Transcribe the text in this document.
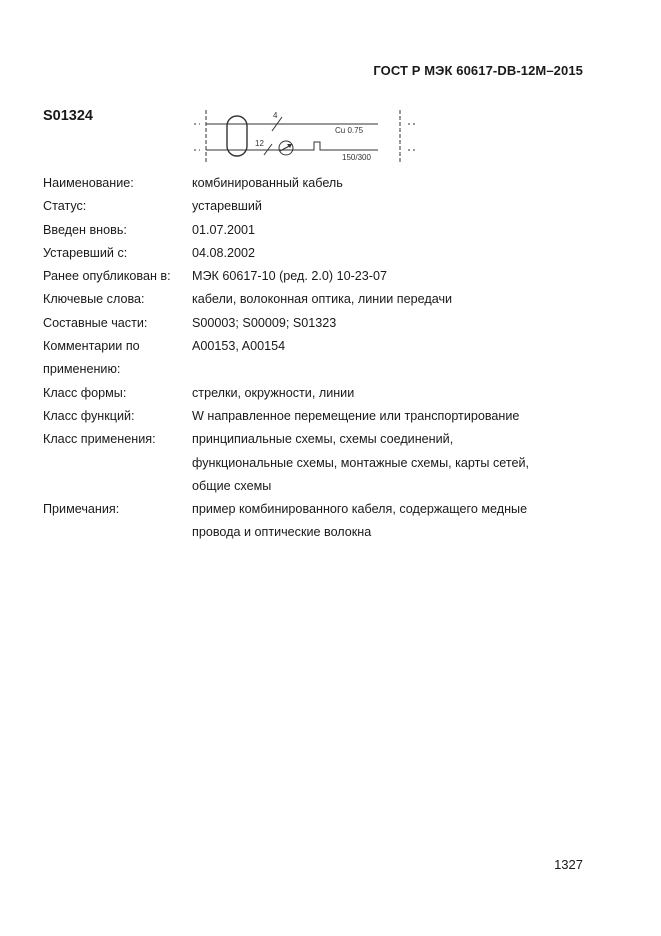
ГОСТ Р МЭК 60617-DB-12M–2015
S01324	4
12
Cu 0.75
150/300
Наименование:	комбинированный кабель
Статус:	устаревший
Введен вновь:	01.07.2001
Устаревший с:	04.08.2002
Ранее опубликован в:	МЭК 60617-10 (ред. 2.0) 10-23-07
Ключевые слова:	кабели, волоконная оптика, линии передачи
Составные части:	S00003; S00009; S01323
Комментарии по
применению:
A00153, A00154
Класс формы:	стрелки, окружности, линии
Класс функций:	W направленное перемещение или транспортирование
Класс применения:	принципиальные схемы, схемы соединений,
функциональные схемы, монтажные схемы, карты сетей,
общие схемы
Примечания:	пример комбинированного кабеля, содержащего медные
провода и оптические волокна
1327
